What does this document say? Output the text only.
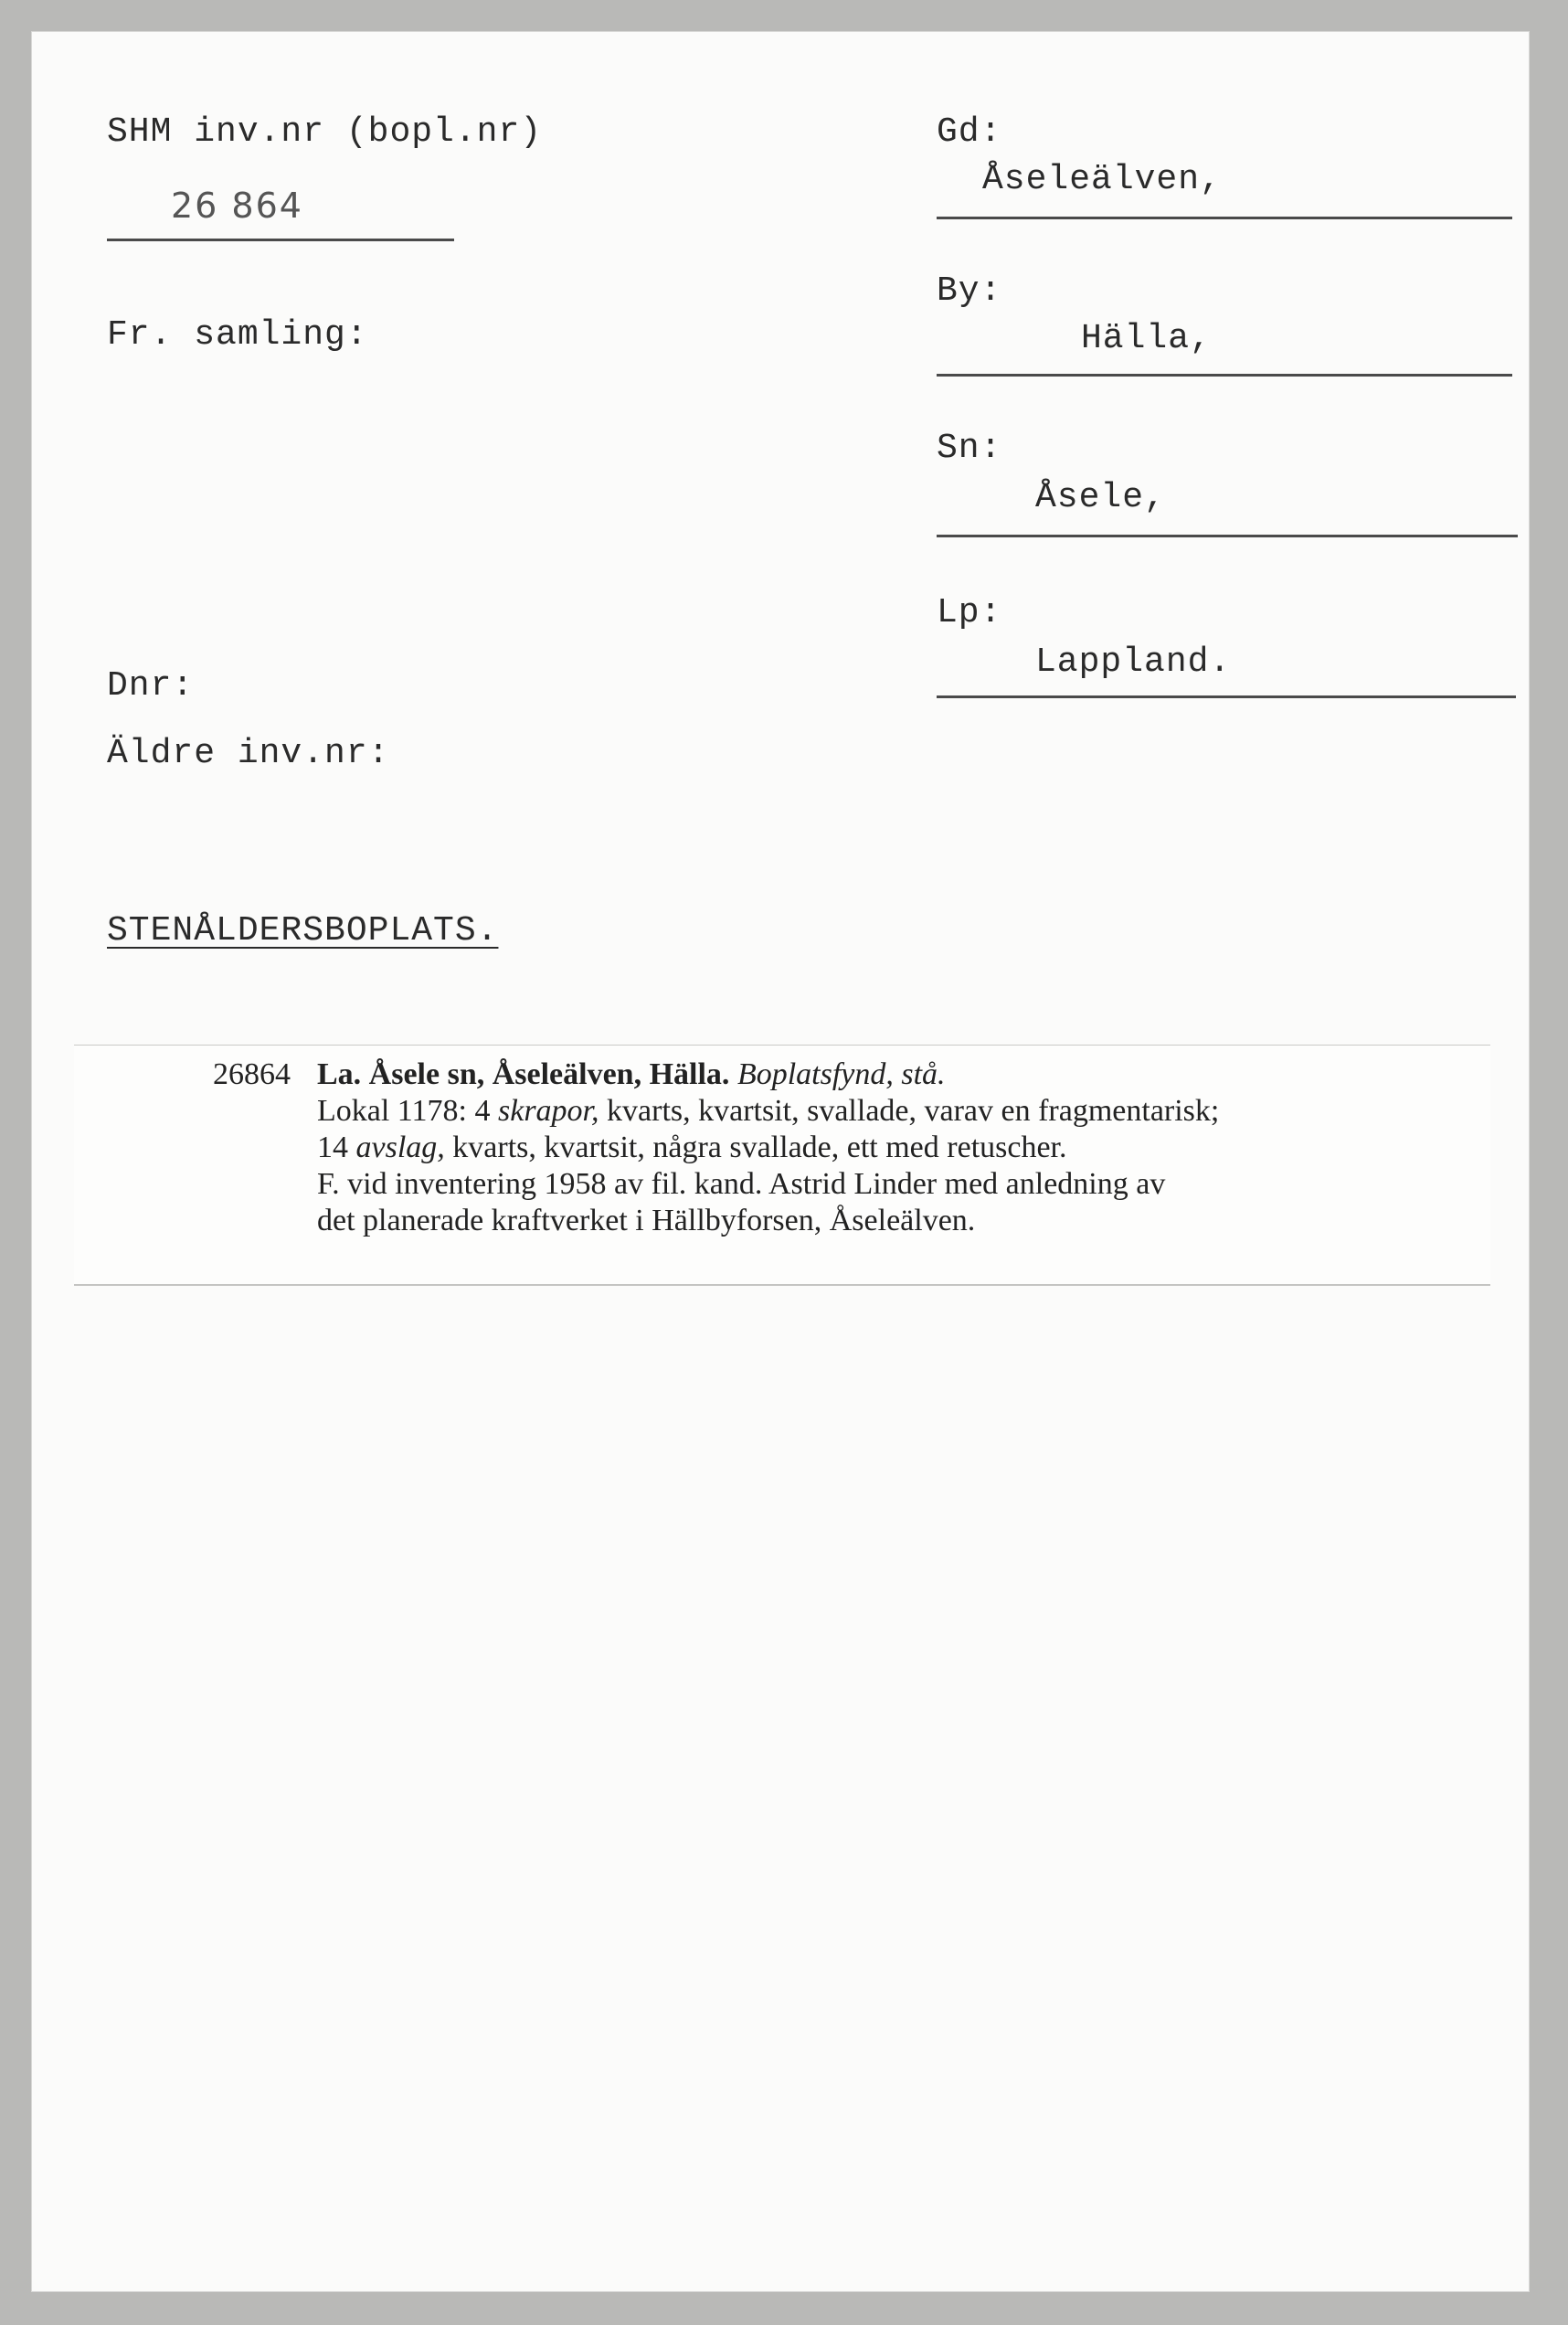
SHM inv.nr (bopl.nr)
26 864
Fr. samling:
Dnr:
Äldre inv.nr:
Gd:
Åseleälven,
By:
Hälla,
Sn:
Åsele,
Lp:
Lappland.
STENÅLDERSBOPLATS.
26864 La. Åsele sn, Åseleälven, Hälla. Boplatsfynd, stå.
Lokal 1178: 4 skrapor, kvarts, kvartsit, svallade, varav en fragmentarisk;
14 avslag, kvarts, kvartsit, några svallade, ett med retuscher.
F. vid inventering 1958 av fil. kand. Astrid Linder med anledning av
det planerade kraftverket i Hällbyforsen, Åseleälven.
